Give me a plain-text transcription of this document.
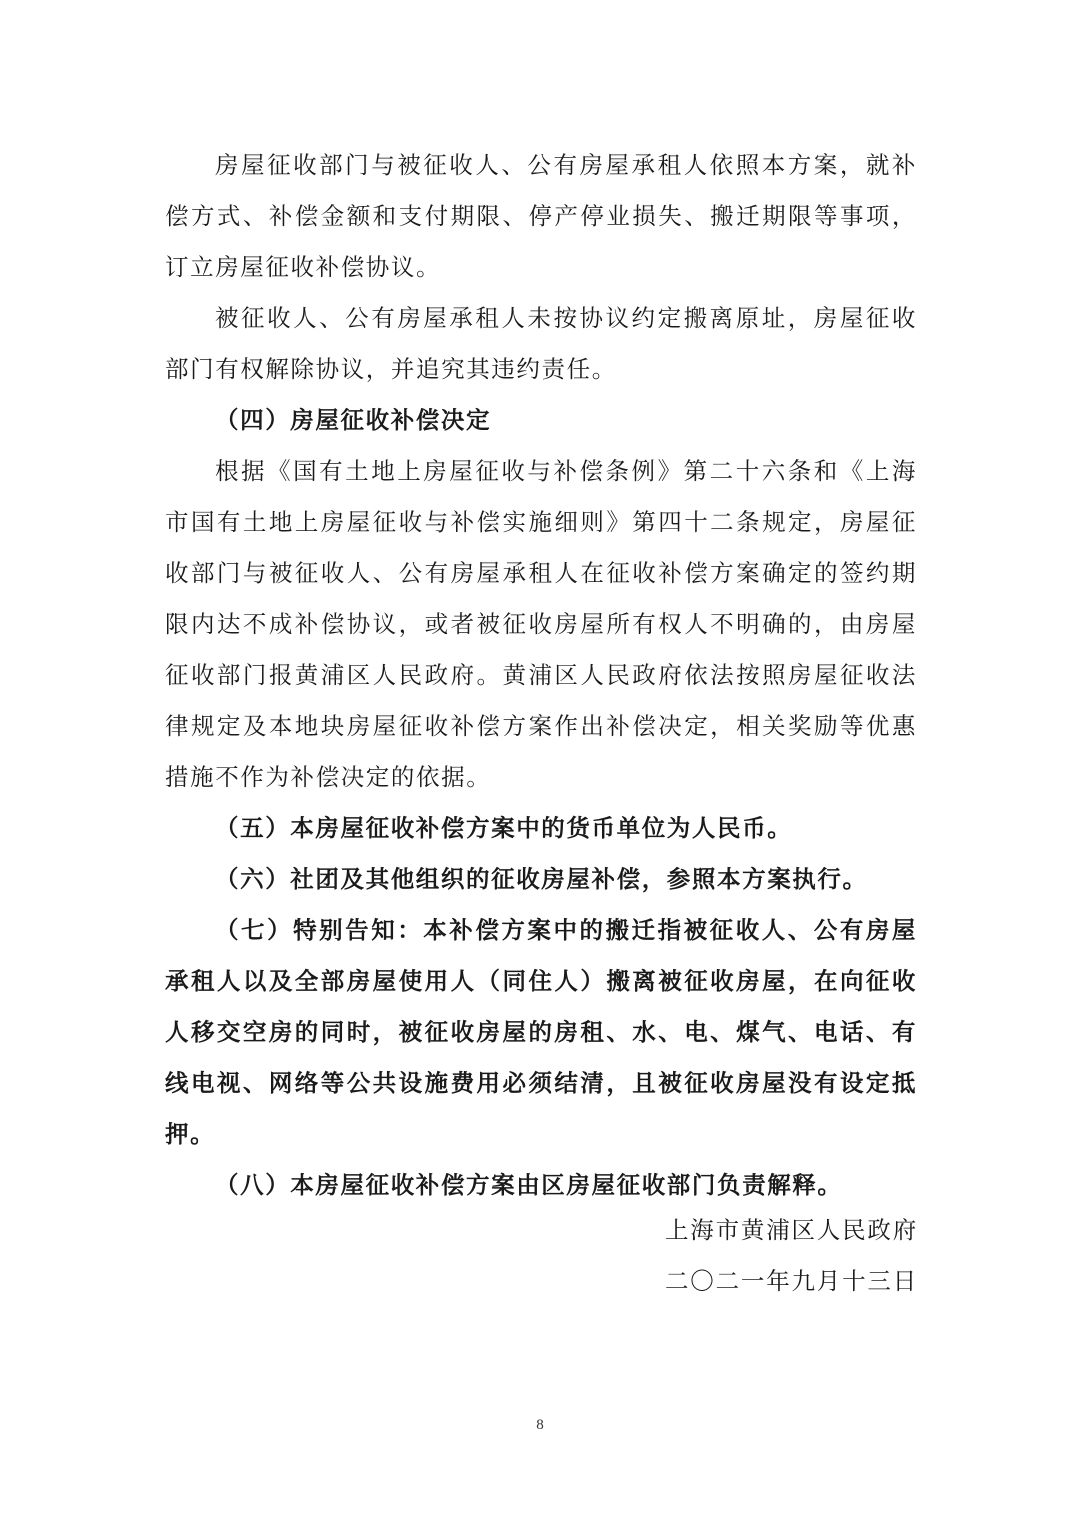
房屋征收部门与被征收人、公有房屋承租人依照本方案，就补偿方式、补偿金额和支付期限、停产停业损失、搬迁期限等事项，订立房屋征收补偿协议。

被征收人、公有房屋承租人未按协议约定搬离原址，房屋征收部门有权解除协议，并追究其违约责任。

（四）房屋征收补偿决定

根据《国有土地上房屋征收与补偿条例》第二十六条和《上海市国有土地上房屋征收与补偿实施细则》第四十二条规定，房屋征收部门与被征收人、公有房屋承租人在征收补偿方案确定的签约期限内达不成补偿协议，或者被征收房屋所有权人不明确的，由房屋征收部门报黄浦区人民政府。黄浦区人民政府依法按照房屋征收法律规定及本地块房屋征收补偿方案作出补偿决定，相关奖励等优惠措施不作为补偿决定的依据。

（五）本房屋征收补偿方案中的货币单位为人民币。

（六）社团及其他组织的征收房屋补偿，参照本方案执行。

（七）特别告知：本补偿方案中的搬迁指被征收人、公有房屋承租人以及全部房屋使用人（同住人）搬离被征收房屋，在向征收人移交空房的同时，被征收房屋的房租、水、电、煤气、电话、有线电视、网络等公共设施费用必须结清，且被征收房屋没有设定抵押。

（八）本房屋征收补偿方案由区房屋征收部门负责解释。

上海市黄浦区人民政府
二〇二一年九月十三日
8
